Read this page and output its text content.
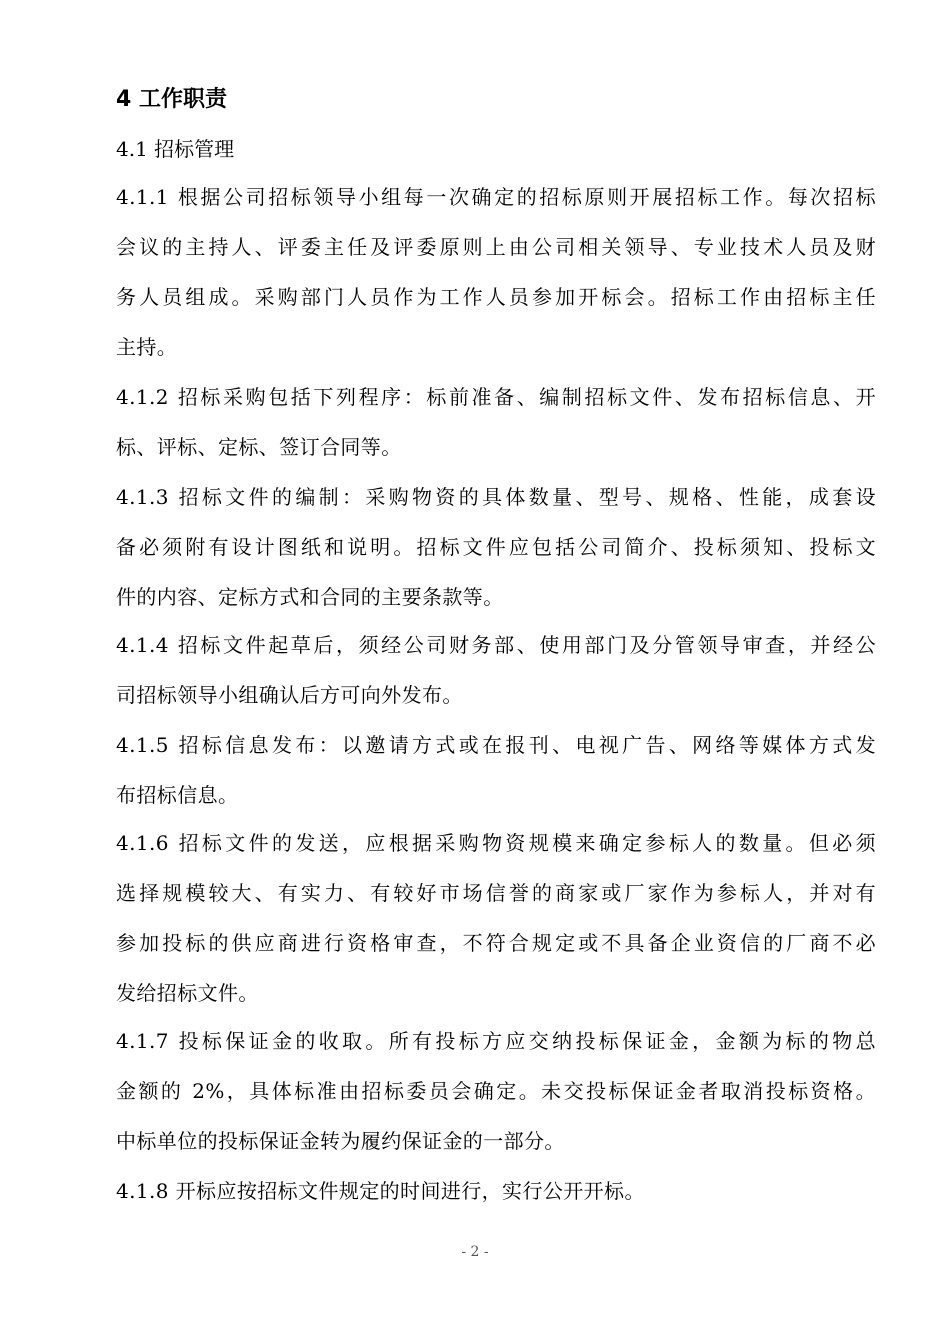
4 工作职责
4.1 招标管理
4.1.1 根据公司招标领导小组每一次确定的招标原则开展招标工作。每次招标
会议的主持人、评委主任及评委原则上由公司相关领导、专业技术人员及财
务人员组成。采购部门人员作为工作人员参加开标会。招标工作由招标主任
主持。
4.1.2 招标采购包括下列程序：标前准备、编制招标文件、发布招标信息、开
标、评标、定标、签订合同等。
4.1.3 招标文件的编制：采购物资的具体数量、型号、规格、性能，成套设
备必须附有设计图纸和说明。招标文件应包括公司简介、投标须知、投标文
件的内容、定标方式和合同的主要条款等。
4.1.4 招标文件起草后，须经公司财务部、使用部门及分管领导审查，并经公
司招标领导小组确认后方可向外发布。
4.1.5 招标信息发布：以邀请方式或在报刊、电视广告、网络等媒体方式发
布招标信息。
4.1.6 招标文件的发送，应根据采购物资规模来确定参标人的数量。但必须
选择规模较大、有实力、有较好市场信誉的商家或厂家作为参标人，并对有
参加投标的供应商进行资格审查，不符合规定或不具备企业资信的厂商不必
发给招标文件。
4.1.7 投标保证金的收取。所有投标方应交纳投标保证金，金额为标的物总
金额的 2%，具体标准由招标委员会确定。未交投标保证金者取消投标资格。
中标单位的投标保证金转为履约保证金的一部分。
4.1.8 开标应按招标文件规定的时间进行，实行公开开标。
- 2 -
